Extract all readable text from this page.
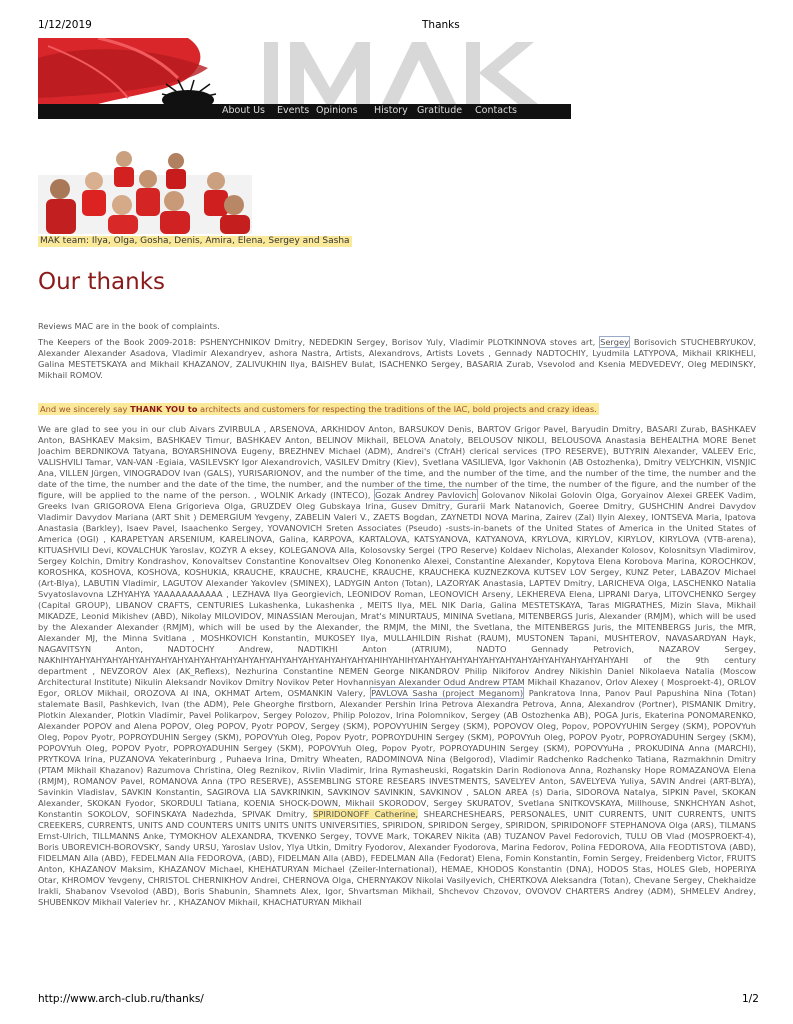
1/12/2019	Thanks
About Us Events Opinions History Gratitude Contacts
MAK team: Ilya, Olga, Gosha, Denis, Amira, Elena, Sergey and Sasha
Our thanks
Reviews MAC are in the book of complaints.
The Keepers of the Book 2009-2018: PSHENYCHNIKOV Dmitry, NEDEDKIN Sergey, Borisov Yuly, Vladimir PLOTKINNOVA stoves art, Sergey Borisovich STUCHEBRYUKOV, Alexander Alexander Asadova, Vladimir Alexandryev, ashora Nastra, Artists, Alexandrovs, Artists Lovets , Gennady NADTOCHIY, Lyudmila LATYPOVA, Mikhail KRIKHELI, Galina MESTETSKAYA and Mikhail KHAZANOV, ZALIVUKHIN Ilya, BAISHEV Bulat, ISACHENKO Sergey, BASARIA Zurab, Vsevolod and Ksenia MEDVEDEVY, Oleg MEDINSKY, Mikhail ROMOV.
And we sincerely say THANK YOU to architects and customers for respecting the traditions of the IAC, bold projects and crazy ideas.
We are glad to see you in our club Aivars ZVIRBULA , ARSENOVA, ARKHIDOV Anton, BARSUKOV Denis, BARTOV Grigor Pavel, Baryudin Dmitry, BASARI Zurab, BASHKAEV Anton, BASHKAEV Maksim, BASHKAEV Timur, BASHKAEV Anton, BELINOV Mikhail, BELOVA Anatoly, BELOUSOV NIKOLI, BELOUSOVA Anastasia BEHEALTHA MORE Benet Joachim BERDNIKOVA Tatyana, BOYARSHINOVA Eugeny, BREZHNEV Michael (ADM), Andrei's (CfrAH) clerical services (TPO RESERVE), BUTYRIN Alexander, VALEEV Eric, VALISHVILI Tamar, VAN-VAN -Egiaia, VASILEVSKY Igor Alexandrovich, VASILEV Dmitry (Kiev), Svetlana VASILIEVA, Igor Vakhonin (AB Ostozhenka), Dmitry VELYCHKIN, VISNJIC Ana, VILLEN Jürgen, VINOGRADOV Ivan (GALS), YURISARIONOV, and the number of the time, and the number of the time, and the number of the time, the number and the date of the time, the number and the date of the time, the number, and the number of the time, the number of the time, the number of the figure, and the number of the figure, will be applied to the name of the person. , WOLNIK Arkady (INTECO), Gozak Andrey Pavlovich Golovanov Nikolai Golovin Olga, Goryainov Alexei GREEK Vadim, Greeks Ivan GRIGOROVA Elena Grigorieva Olga, GRUZDEV Oleg Gubskaya Irina, Gusev Dmitry, Gurarii Mark Natanovich, Goeree Dmitry, GUSHCHIN Andrei Davydov Vladimir Davydov Mariana (ART Shit ) DEMERGIUM Yevgeny, ZABELIN Valeri V., ZAETS Bogdan, ZAYNETDI NOVA Marina, Zairev (Zal) Ilyin Alexey, IONTSEVA Maria, Ipatova Anastasia (Barkley), Isaev Pavel, Isaachenko Sergey, YOVANOVICH Sreten Associates (Pseudo) -susts-in-banets of the United States of America in the United States of America (OGI) , KARAPETYAN ARSENIUM, KARELINOVA, Galina, KARPOVA, KARTALOVA, KATSYANOVA, KATYANOVA, KRYLOVA, KIRYLOV, KIRYLOV, KIRYLOVA (VTB-arena), KITUASHVILI Devi, KOVALCHUK Yaroslav, KOZYR A eksey, KOLEGANOVA Alla, Kolosovsky Sergei (TPO Reserve) Koldaev Nicholas, Alexander Kolosov, Kolosnitsyn Vladimirov, Sergey Kolchin, Dmitry Kondrashov, Konovaltsev Constantine Konovaltsev Oleg Kononenko Alexei, Constantine Alexander, Kopytova Elena Korobova Marina, KOROCHKOV, KOROSHKA, KOSHOVA, KOSHOVA, KOSHUKIA, KRAUCHE, KRAUCHE, KRAUCHE, KRAUCHE, KRAUCHEKA KUZNEZKOVA KUTSEV LOV Sergey, KUNZ Peter, LABAZOV Michael (Art-Blya), LABUTIN Vladimir, LAGUTOV Alexander Yakovlev (SMINEX), LADYGIN Anton (Totan), LAZORYAK Anastasia, LAPTEV Dmitry, LARICHEVA Olga, LASCHENKO Natalia Svyatoslavovna LZHYAHYA YAAAAAAAAAAA , LEZHAVA Ilya Georgievich, LEONIDOV Roman, LEONOVICH Arseny, LEKHEREVA Elena, LIPRANI Darya, LITOVCHENKO Sergey (Capital GROUP), LIBANOV CRAFTS, CENTURIES Lukashenka, Lukashenka , MEITS Ilya, MEL NIK Daria, Galina MESTETSKAYA, Taras MIGRATHES, Mizin Slava, Mikhail MIKADZE, Leonid Mikishev (ABD), Nikolay MILOVIDOV, MINASSIAN Meroujan, Mrat's MINURTAUS, MININA Svetlana, MITENBERGS Juris, Alexander (RMJM), which will be used by the Alexander Alexander (RMJM), which will be used by the Alexander, the RMJM, the MINI, the Svetlana, the MITENBERGS Juris, the MITENBERGS Juris, the MfR, Alexander MJ, the Minna Svitlana , MOSHKOVICH Konstantin, MUKOSEY Ilya, MULLAHILDIN Rishat (RAUM), MUSTONEN Tapani, MUSHTEROV, NAVASARDYAN Hayk, NAGAVITSYN Anton, NADTOCHY Andrew, NADTIKHI Anton (ATRIUM), NADTO Gennady Petrovich, NAZAROV Sergey, NAKhIHYAHYAHYAHYAHYAHYAHYAHYAHYAHYAHYAHYAHYAHYAHYAHYAHYAHYAHYAHIHYAHIHYAHYAHYAHYAHYAHYAHYAHYAHYAHYAHYAHYAHYAHI of the 9th century department , NEVZOROV Alex (AK_Reflexs), Nezhurina Constantine NEMEN George NIKANDROV Philip Nikiforov Andrey Nikishin Daniel Nikolaeva Natalia (Moscow Architectural Institute) Nikulin Aleksandr Novikov Dmitry Novikov Peter Hovhannisyan Alexander Odud Andrew PTAM Mikhail Khazanov, Orlov Alexey ( Mosproekt-4), ORLOV Egor, ORLOV Mikhail, OROZOVA AI INA, OKHMAT Artem, OSMANKIN Valery, PAVLOVA Sasha (project Meganom) Pankratova Inna, Panov Paul Papushina Nina (Totan) stalemate Basil, Pashkevich, Ivan (the ADM), Pele Gheorghe firstborn, Alexander Pershin Irina Petrova Alexandra Petrova, Anna, Alexandrov (Portner), PISMANIK Dmitry, Plotkin Alexander, Plotkin Vladimir, Pavel Polikarpov, Sergey Polozov, Philip Polozov, Irina Polomnikov, Sergey (AB Ostozhenka AB), POGA Juris, Ekaterina PONOMARENKO, Alexander POPOV and Alena POPOV, Oleg POPOV, Pyotr POPOV, Sergey (SKM), POPOVYUHIN Sergey (SKM), POPOVOV Oleg, Popov, POPOVYUHIN Sergey (SKM), POPOVYuh Oleg, Popov Pyotr, POPROYDUHIN Sergey (SKM), POPOVYuh Oleg, Popov Pyotr, POPROYDUHIN Sergey (SKM), POPOVYuh Oleg, POPOV Pyotr, POPROYADUHIN Sergey (SKM), POPOVYuh Oleg, POPOV Pyotr, POPROYADUHIN Sergey (SKM), POPOVYuh Oleg, Popov Pyotr, POPROYADUHIN Sergey (SKM), POPOVYuHa , PROKUDINA Anna (MARCHI), PRYTKOVA Irina, PUZANOVA Yekaterinburg , Puhaeva Irina, Dmitry Wheaten, RADOMINOVA Nina (Belgorod), Vladimir Radchenko Radchenko Tatiana, Razmakhnin Dmitry (PTAM Mikhail Khazanov) Razumova Christina, Oleg Reznikov, Rivlin Vladimir, Irina Rymasheuski, Rogatskin Darin Rodionova Anna, Rozhansky Hope ROMAZANOVA Elena (RMJM), ROMANOV Pavel, ROMANOVA Anna (TPO RESERVE), ASSEMBLING STORE RESEARS INVESTMENTS, SAVELYEV Anton, SAVELYEVA Yuliya, SAVIN Andrei (ART-BLYA), Savinkin Vladislav, SAVKIN Konstantin, SAGIROVA LIA SAVKRINKIN, SAVKINOV SAVINKIN, SAVKINOV , SALON AREA (s) Daria, SIDOROVA Natalya, SIPKIN Pavel, SKOKAN Alexander, SKOKAN Fyodor, SKORDULI Tatiana, KOENIA SHOCK-DOWN, Mikhail SKORODOV, Sergey SKURATOV, Svetlana SNITKOVSKAYA, Millhouse, SNKHCHYAN Ashot, Konstantin SOKOLOV, SOFINSKAYA Nadezhda, SPIVAK Dmitry, SPIRIDONOFF Catherine, SHEARCHESHEARS, PERSONALES, UNIT CURRENTS, UNIT CURRENTS, UNITS CREEKERS, CURRENTS, UNITS AND COUNTERS UNITS UNITS UNITS UNIVERSITIES, SPIRIDON, SPIRIDON Sergey, SPIRIDON, SPIRIDONOFF STEPHANOVA Olga (ARS), TILMANS Ernst-Ulrich, TILLMANNS Anke, TYMOKHOV ALEXANDRA, TKVENKO Sergey, TOVVE Mark, TOKAREV Nikita (AB) TUZANOV Pavel Fedorovich, TULU OB Vlad (MOSPROEKT-4), Boris UBOREVICH-BOROVSKY, Sandy URSU, Yaroslav Uslov, Ylya Utkin, Dmitry Fyodorov, Alexander Fyodorova, Marina Fedorov, Polina FEDOROVA, Alla FEODTISTOVA (ABD), FIDELMAN Alla (ABD), FEDELMAN Alla FEDOROVA, (ABD), FIDELMAN Alla (ABD), FEDELMAN Alla (Fedorat) Elena, Fomin Konstantin, Fomin Sergey, Freidenberg Victor, FRUITS Anton, KHAZANOV Maksim, KHAZANOV Michael, KHEHATURYAN Michael (Zeiler-International), HEMAE, KHODOS Konstantin (DNA), HODOS Stas, HOLES Gleb, HOPERIYA Otar, KHROMOV Yevgeny, CHRISTOL CHERNIKHOV Andrei, CHERNOVA Olga, CHERNYAKOV Nikolai Vasilyevich, CHERTKOVA Aleksandra (Totan), Chevane Sergey, Chekhaidze Irakli, Shabanov Vsevolod (ABD), Boris Shabunin, Shamnets Alex, Igor, Shvartsman Mikhail, Shchevov Chzovov, OVOVOV CHARTERS Andrey (ADM), SHMELEV Andrey, SHUBENKOV Mikhail Valeriev hr. , KHAZANOV Mikhail, KHACHATURYAN Mikhail
http://www.arch-club.ru/thanks/	1/2
